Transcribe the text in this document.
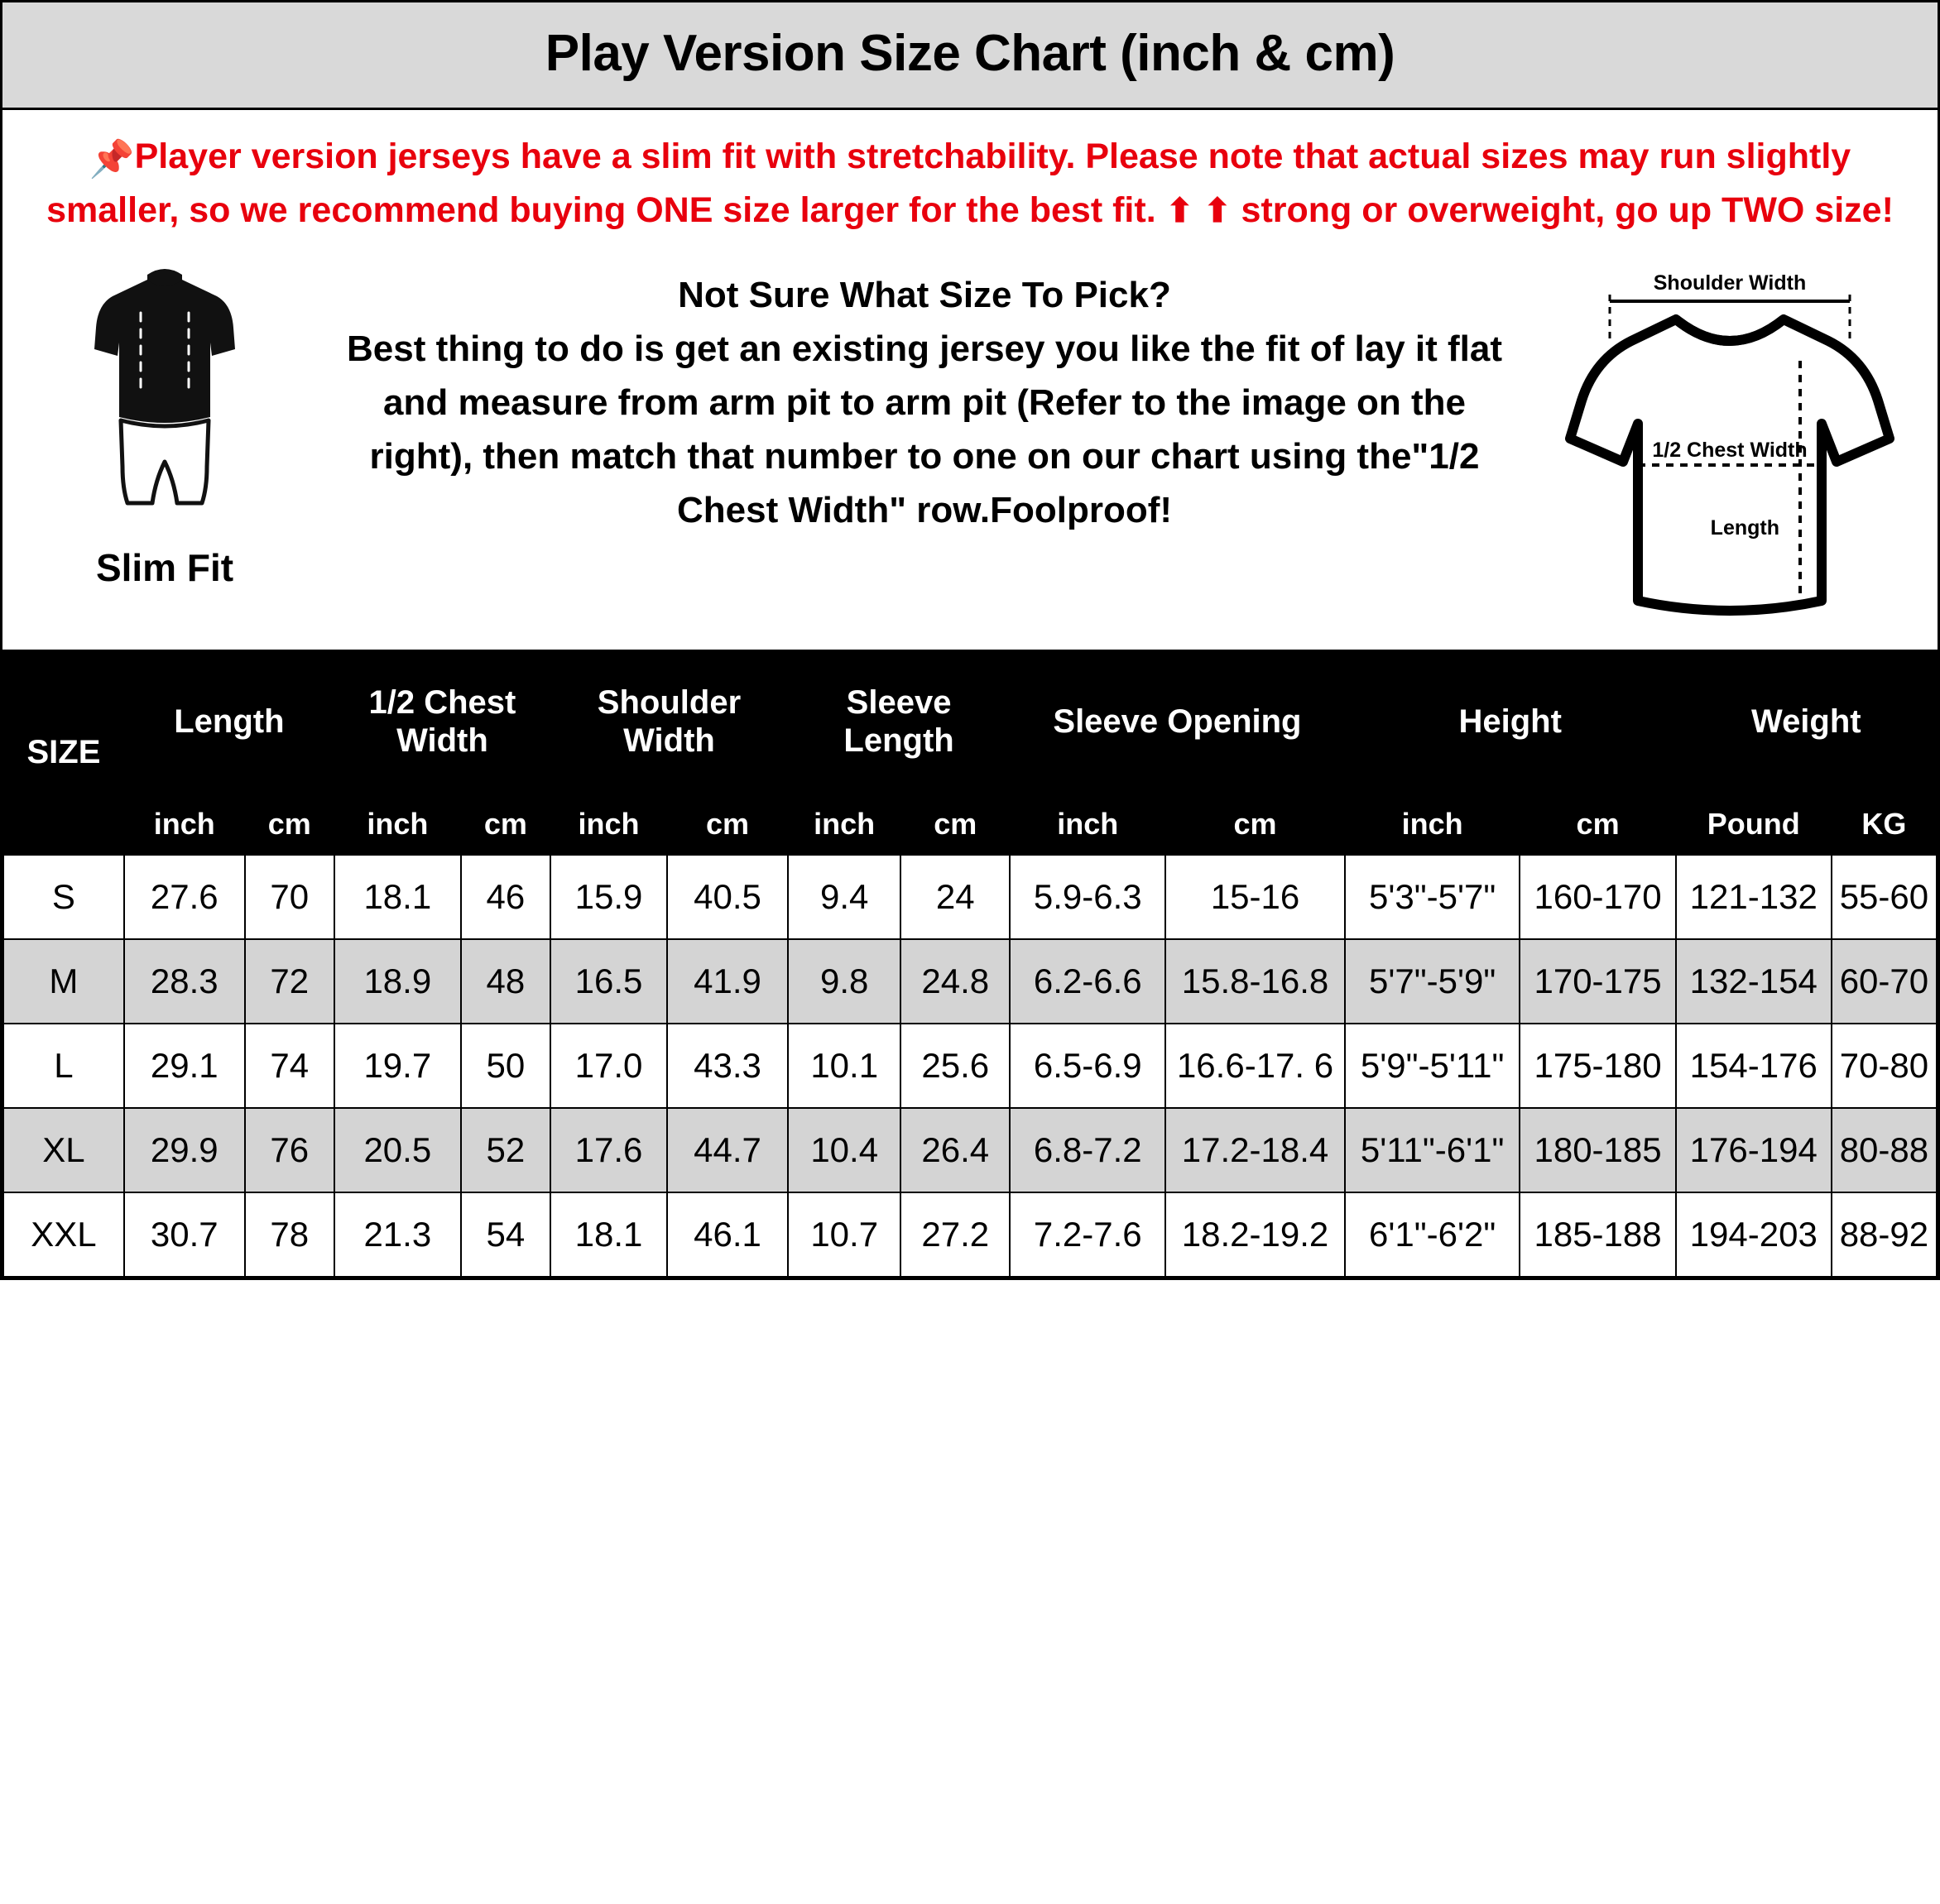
Play Version Size Chart (inch & cm)
📌Player version jerseys have a slim fit with stretchability. Please note that actual sizes may run slightly smaller, so we recommend buying ONE size larger for the best fit. ⬆ ⬆ strong or overweight, go up TWO size!
Slim Fit

Not Sure What Size To Pick?

Best thing to do is get an existing jersey you like the fit of lay it flat and measure from arm pit to arm pit (Refer to the image on the right), then match that number to one on our chart using the"1/2 Chest Width" row.Foolproof!

Shoulder Width
1/2 Chest Width
Length
SIZE	Length		1/2 Chest Width		Shoulder Width		Sleeve Length		Sleeve Opening		Height		Weight	
	inch	cm	inch	cm	inch	cm	inch	cm	inch	cm	inch	cm	Pound	KG
S	27.6	70	18.1	46	15.9	40.5	9.4	24	5.9-6.3	15-16	5'3"-5'7"	160-170	121-132	55-60
M	28.3	72	18.9	48	16.5	41.9	9.8	24.8	6.2-6.6	15.8-16.8	5'7"-5'9"	170-175	132-154	60-70
L	29.1	74	19.7	50	17.0	43.3	10.1	25.6	6.5-6.9	16.6-17. 6	5'9"-5'11"	175-180	154-176	70-80
XL	29.9	76	20.5	52	17.6	44.7	10.4	26.4	6.8-7.2	17.2-18.4	5'11"-6'1"	180-185	176-194	80-88
XXL	30.7	78	21.3	54	18.1	46.1	10.7	27.2	7.2-7.6	18.2-19.2	6'1"-6'2"	185-188	194-203	88-92
